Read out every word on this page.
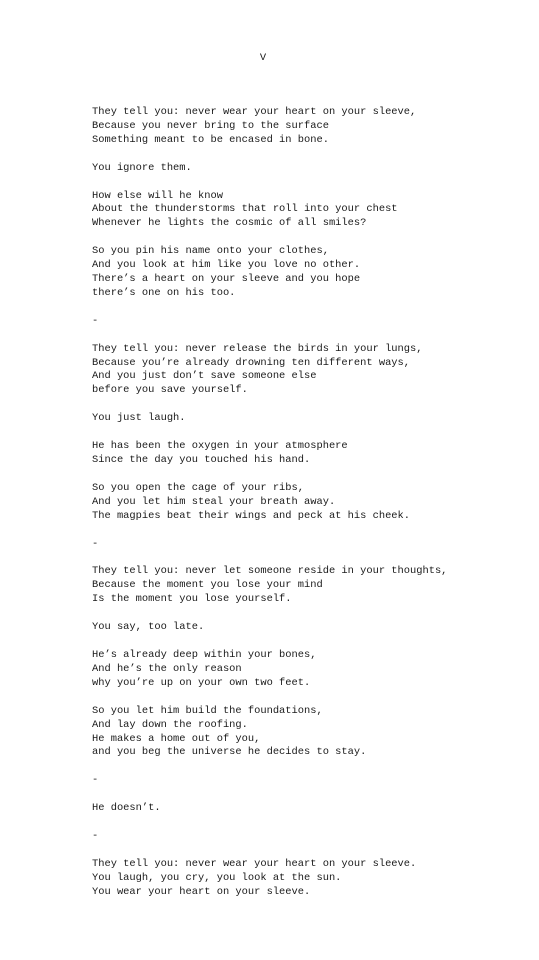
V
They tell you: never wear your heart on your sleeve,
Because you never bring to the surface
Something meant to be encased in bone.
You ignore them.
How else will he know
About the thunderstorms that roll into your chest
Whenever he lights the cosmic of all smiles?
So you pin his name onto your clothes,
And you look at him like you love no other.
There’s a heart on your sleeve and you hope
there’s one on his too.
-
They tell you: never release the birds in your lungs,
Because you’re already drowning ten different ways,
And you just don’t save someone else
before you save yourself.
You just laugh.
He has been the oxygen in your atmosphere
Since the day you touched his hand.
So you open the cage of your ribs,
And you let him steal your breath away.
The magpies beat their wings and peck at his cheek.
-
They tell you: never let someone reside in your thoughts,
Because the moment you lose your mind
Is the moment you lose yourself.
You say, too late.
He’s already deep within your bones,
And he’s the only reason
why you’re up on your own two feet.
So you let him build the foundations,
And lay down the roofing.
He makes a home out of you,
and you beg the universe he decides to stay.
-
He doesn’t.
-
They tell you: never wear your heart on your sleeve.
You laugh, you cry, you look at the sun.
You wear your heart on your sleeve.
